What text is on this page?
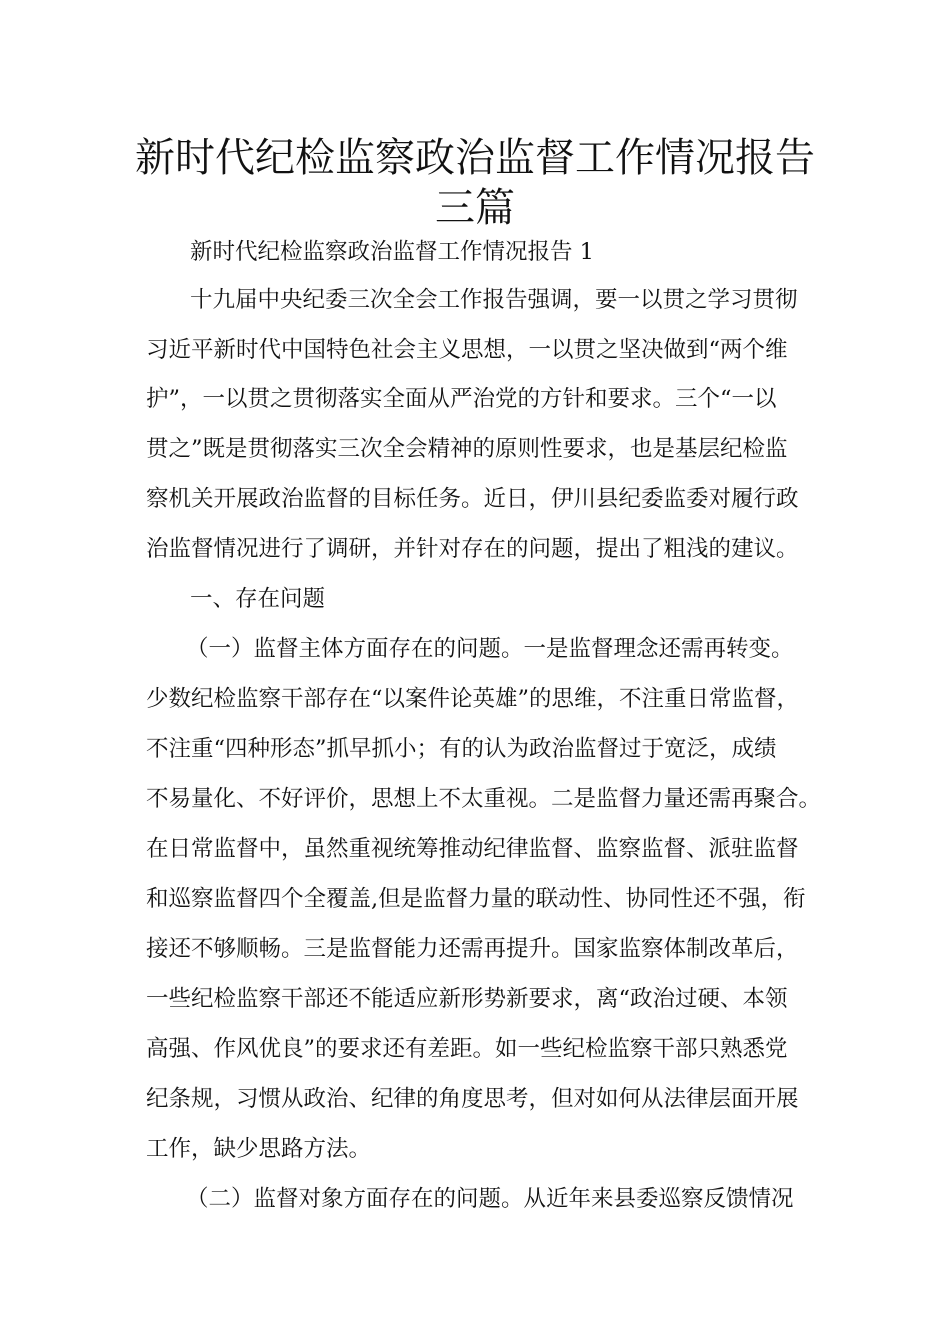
新时代纪检监察政治监督工作情况报告
三篇

新时代纪检监察政治监督工作情况报告 1

十九届中央纪委三次全会工作报告强调，要一以贯之学习贯彻

习近平新时代中国特色社会主义思想，一以贯之坚决做到“两个维

护”，一以贯之贯彻落实全面从严治党的方针和要求。三个“一以

贯之”既是贯彻落实三次全会精神的原则性要求，也是基层纪检监

察机关开展政治监督的目标任务。近日，伊川县纪委监委对履行政

治监督情况进行了调研，并针对存在的问题，提出了粗浅的建议。

一、存在问题

（一）监督主体方面存在的问题。一是监督理念还需再转变。

少数纪检监察干部存在“以案件论英雄”的思维，不注重日常监督，

不注重“四种形态”抓早抓小；有的认为政治监督过于宽泛，成绩

不易量化、不好评价，思想上不太重视。二是监督力量还需再聚合。

在日常监督中，虽然重视统筹推动纪律监督、监察监督、派驻监督

和巡察监督四个全覆盖,但是监督力量的联动性、协同性还不强，衔

接还不够顺畅。三是监督能力还需再提升。国家监察体制改革后，

一些纪检监察干部还不能适应新形势新要求，离“政治过硬、本领

高强、作风优良”的要求还有差距。如一些纪检监察干部只熟悉党

纪条规，习惯从政治、纪律的角度思考，但对如何从法律层面开展

工作，缺少思路方法。

（二）监督对象方面存在的问题。从近年来县委巡察反馈情况
